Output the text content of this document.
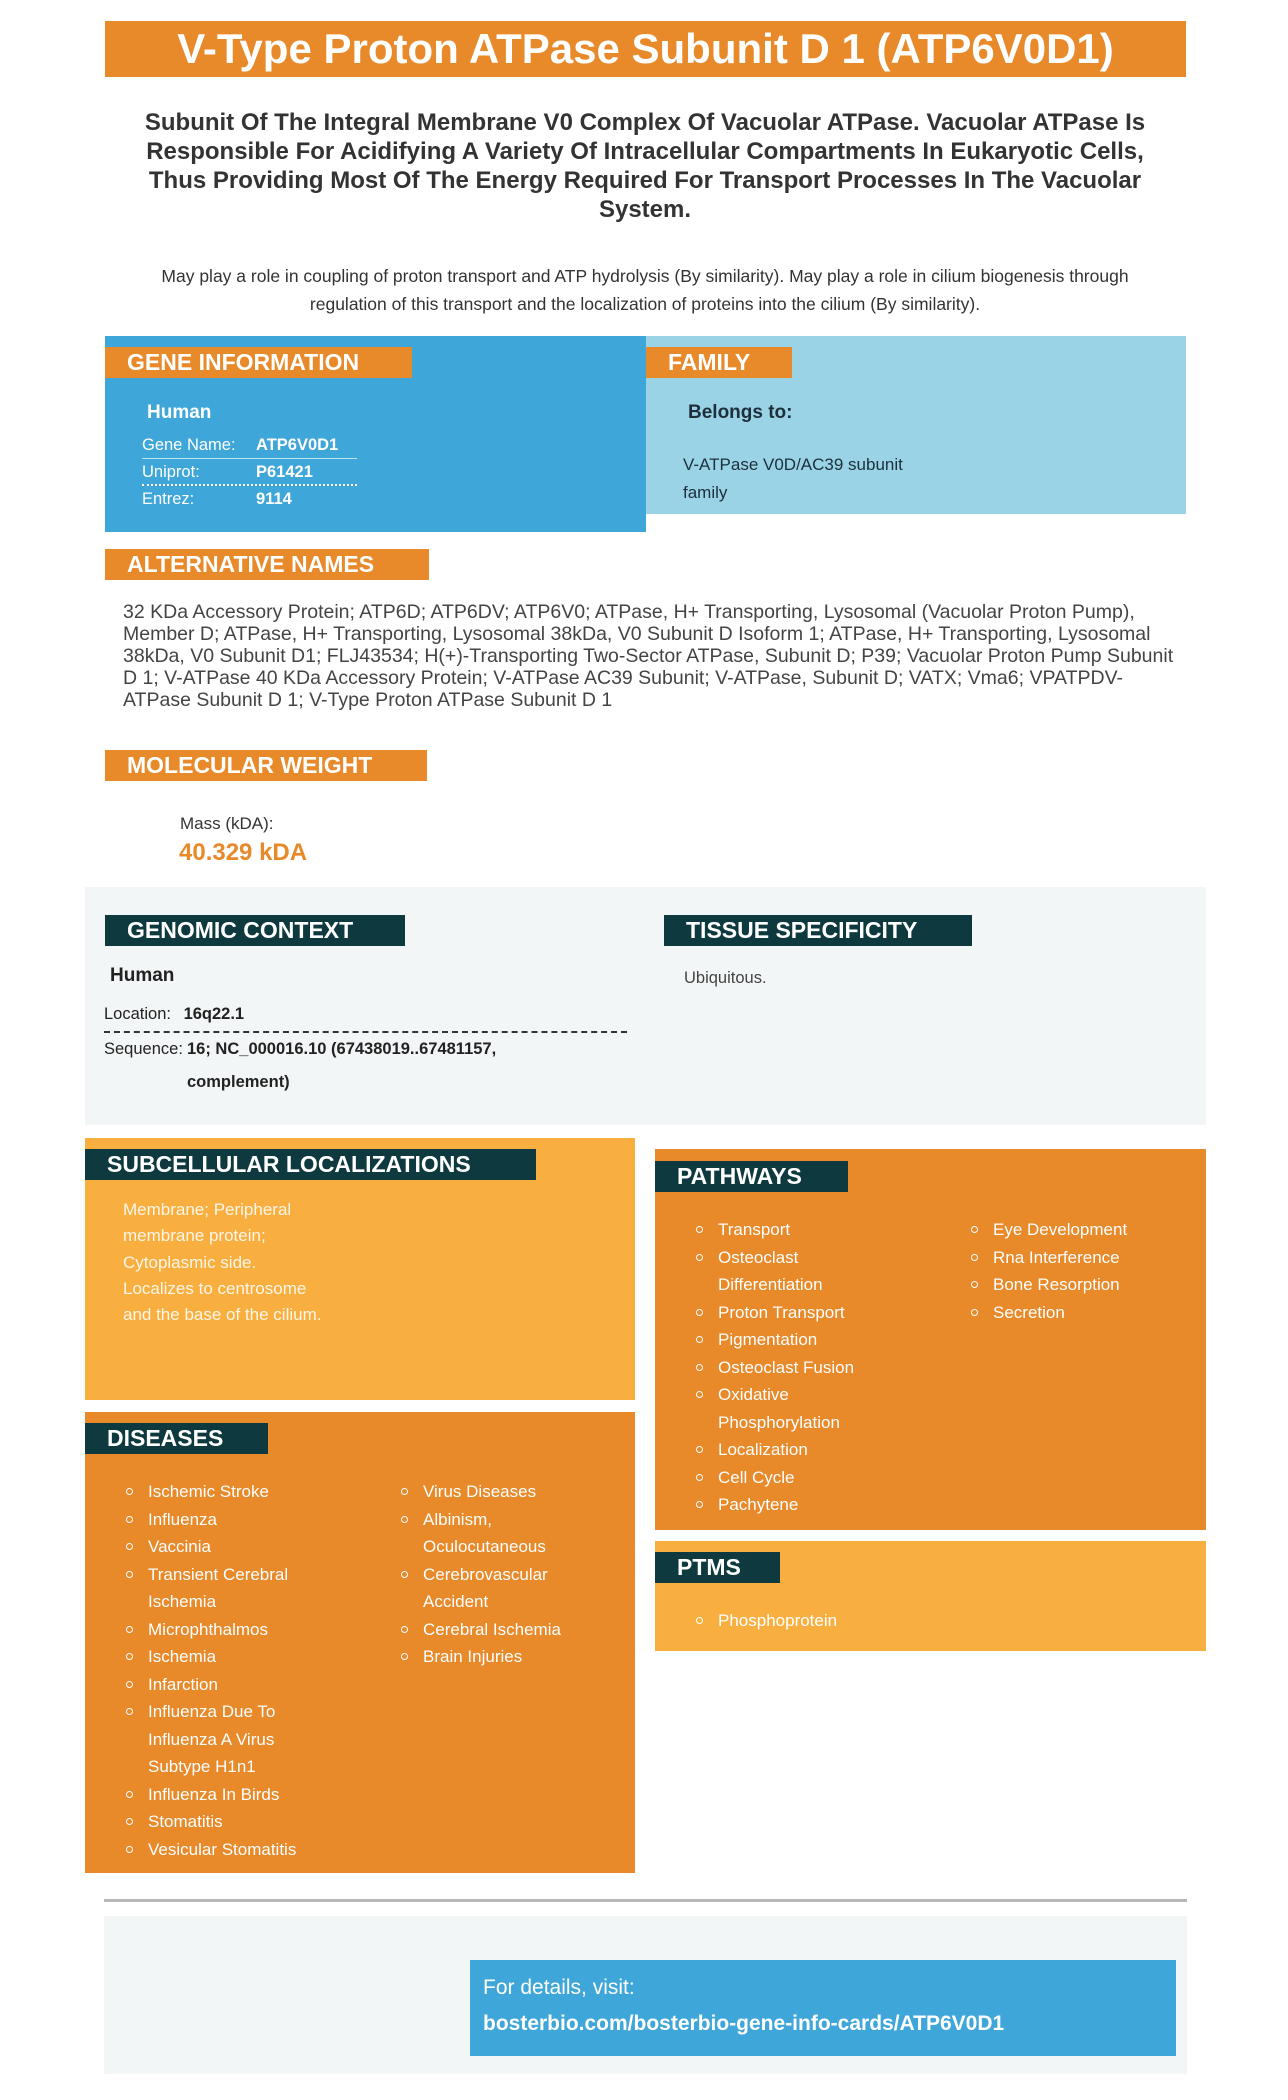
V-Type Proton ATPase Subunit D 1 (ATP6V0D1)
Subunit Of The Integral Membrane V0 Complex Of Vacuolar ATPase. Vacuolar ATPase Is Responsible For Acidifying A Variety Of Intracellular Compartments In Eukaryotic Cells, Thus Providing Most Of The Energy Required For Transport Processes In The Vacuolar System.
May play a role in coupling of proton transport and ATP hydrolysis (By similarity). May play a role in cilium biogenesis through regulation of this transport and the localization of proteins into the cilium (By similarity).
GENE INFORMATION	FAMILY
Human
Gene Name:	ATP6V0D1
Uniprot:	P61421
Entrez:	9114
Belongs to:
V-ATPase V0D/AC39 subunit family
ALTERNATIVE NAMES
32 KDa Accessory Protein; ATP6D; ATP6DV; ATP6V0; ATPase, H+ Transporting, Lysosomal (Vacuolar Proton Pump), Member D; ATPase, H+ Transporting, Lysosomal 38kDa, V0 Subunit D Isoform 1; ATPase, H+ Transporting, Lysosomal 38kDa, V0 Subunit D1; FLJ43534; H(+)-Transporting Two-Sector ATPase, Subunit D; P39; Vacuolar Proton Pump Subunit D 1; V-ATPase 40 KDa Accessory Protein; V-ATPase AC39 Subunit; V-ATPase, Subunit D; VATX; Vma6; VPATPDV-ATPase Subunit D 1; V-Type Proton ATPase Subunit D 1
MOLECULAR WEIGHT
Mass (kDA):
40.329 kDA
GENOMIC CONTEXT	TISSUE SPECIFICITY
Human
Location: 16q22.1
Sequence: 16; NC_000016.10 (67438019..67481157,
complement)
Ubiquitous.
SUBCELLULAR LOCALIZATIONS
Membrane; Peripheral membrane protein; Cytoplasmic side. Localizes to centrosome and the base of the cilium.
PATHWAYS
Transport
Osteoclast Differentiation
Proton Transport
Pigmentation
Osteoclast Fusion
Oxidative Phosphorylation
Localization
Cell Cycle
Pachytene
Eye Development
Rna Interference
Bone Resorption
Secretion
DISEASES
Ischemic Stroke
Influenza
Vaccinia
Transient Cerebral Ischemia
Microphthalmos
Ischemia
Infarction
Influenza Due To Influenza A Virus Subtype H1n1
Influenza In Birds
Stomatitis
Vesicular Stomatitis
Virus Diseases
Albinism, Oculocutaneous
Cerebrovascular Accident
Cerebral Ischemia
Brain Injuries
PTMS
Phosphoprotein
For details, visit:
bosterbio.com/bosterbio-gene-info-cards/ATP6V0D1
